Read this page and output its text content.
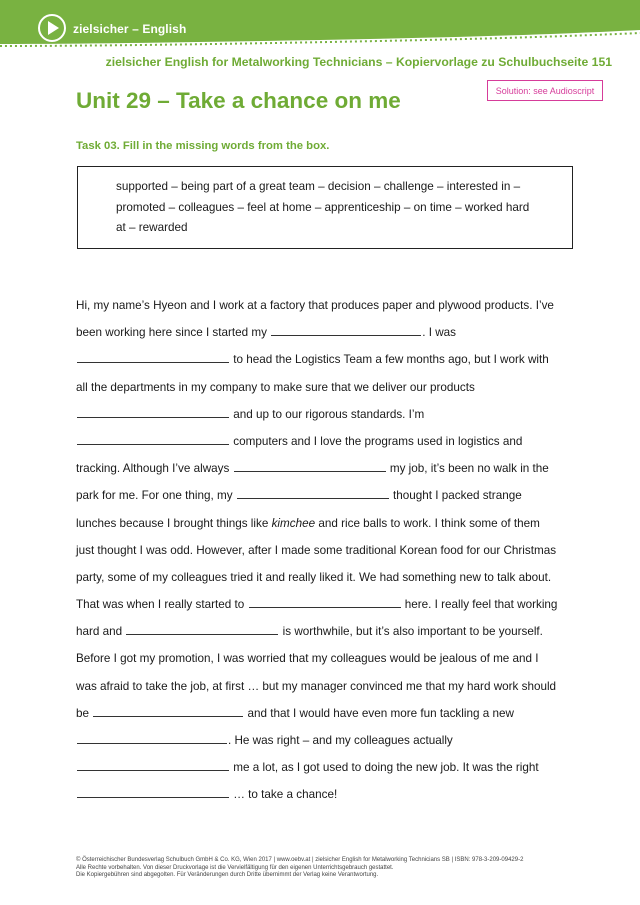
zielsicher – English
zielsicher English for Metalworking Technicians – Kopiervorlage zu Schulbuchseite 151
Solution: see Audioscript
Unit 29 – Take a chance on me
Task 03. Fill in the missing words from the box.
supported – being part of a great team – decision – challenge – interested in – promoted – colleagues – feel at home – apprenticeship – on time – worked hard at – rewarded
Hi, my name’s Hyeon and I work at a factory that produces paper and plywood products. I’ve
been working here since I started my	. I was
to head the Logistics Team a few months ago, but I work with
all the departments in my company to make sure that we deliver our products
and up to our rigorous standards. I’m
computers and I love the programs used in logistics and
tracking. Although I’ve always	my job, it’s been no walk in the
park for me. For one thing, my	thought I packed strange
lunches because I brought things like kimchee and rice balls to work. I think some of them
just thought I was odd. However, after I made some traditional Korean food for our Christmas
party, some of my colleagues tried it and really liked it. We had something new to talk about.
That was when I really started to	here. I really feel that working
hard and	is worthwhile, but it’s also important to be yourself.
Before I got my promotion, I was worried that my colleagues would be jealous of me and I
was afraid to take the job, at first … but my manager convinced me that my hard work should
be	and that I would have even more fun tackling a new
. He was right – and my colleagues actually
me a lot, as I got used to doing the new job. It was the right
… to take a chance!
© Österreichischer Bundesverlag Schulbuch GmbH & Co. KG, Wien 2017 | www.oebv.at | zielsicher English for Metalworking Technicians SB | ISBN: 978-3-209-09429-2
Alle Rechte vorbehalten. Von dieser Druckvorlage ist die Vervielfältigung für den eigenen Unterrichtsgebrauch gestattet.
Die Kopiergebühren sind abgegolten. Für Veränderungen durch Dritte übernimmt der Verlag keine Verantwortung.
